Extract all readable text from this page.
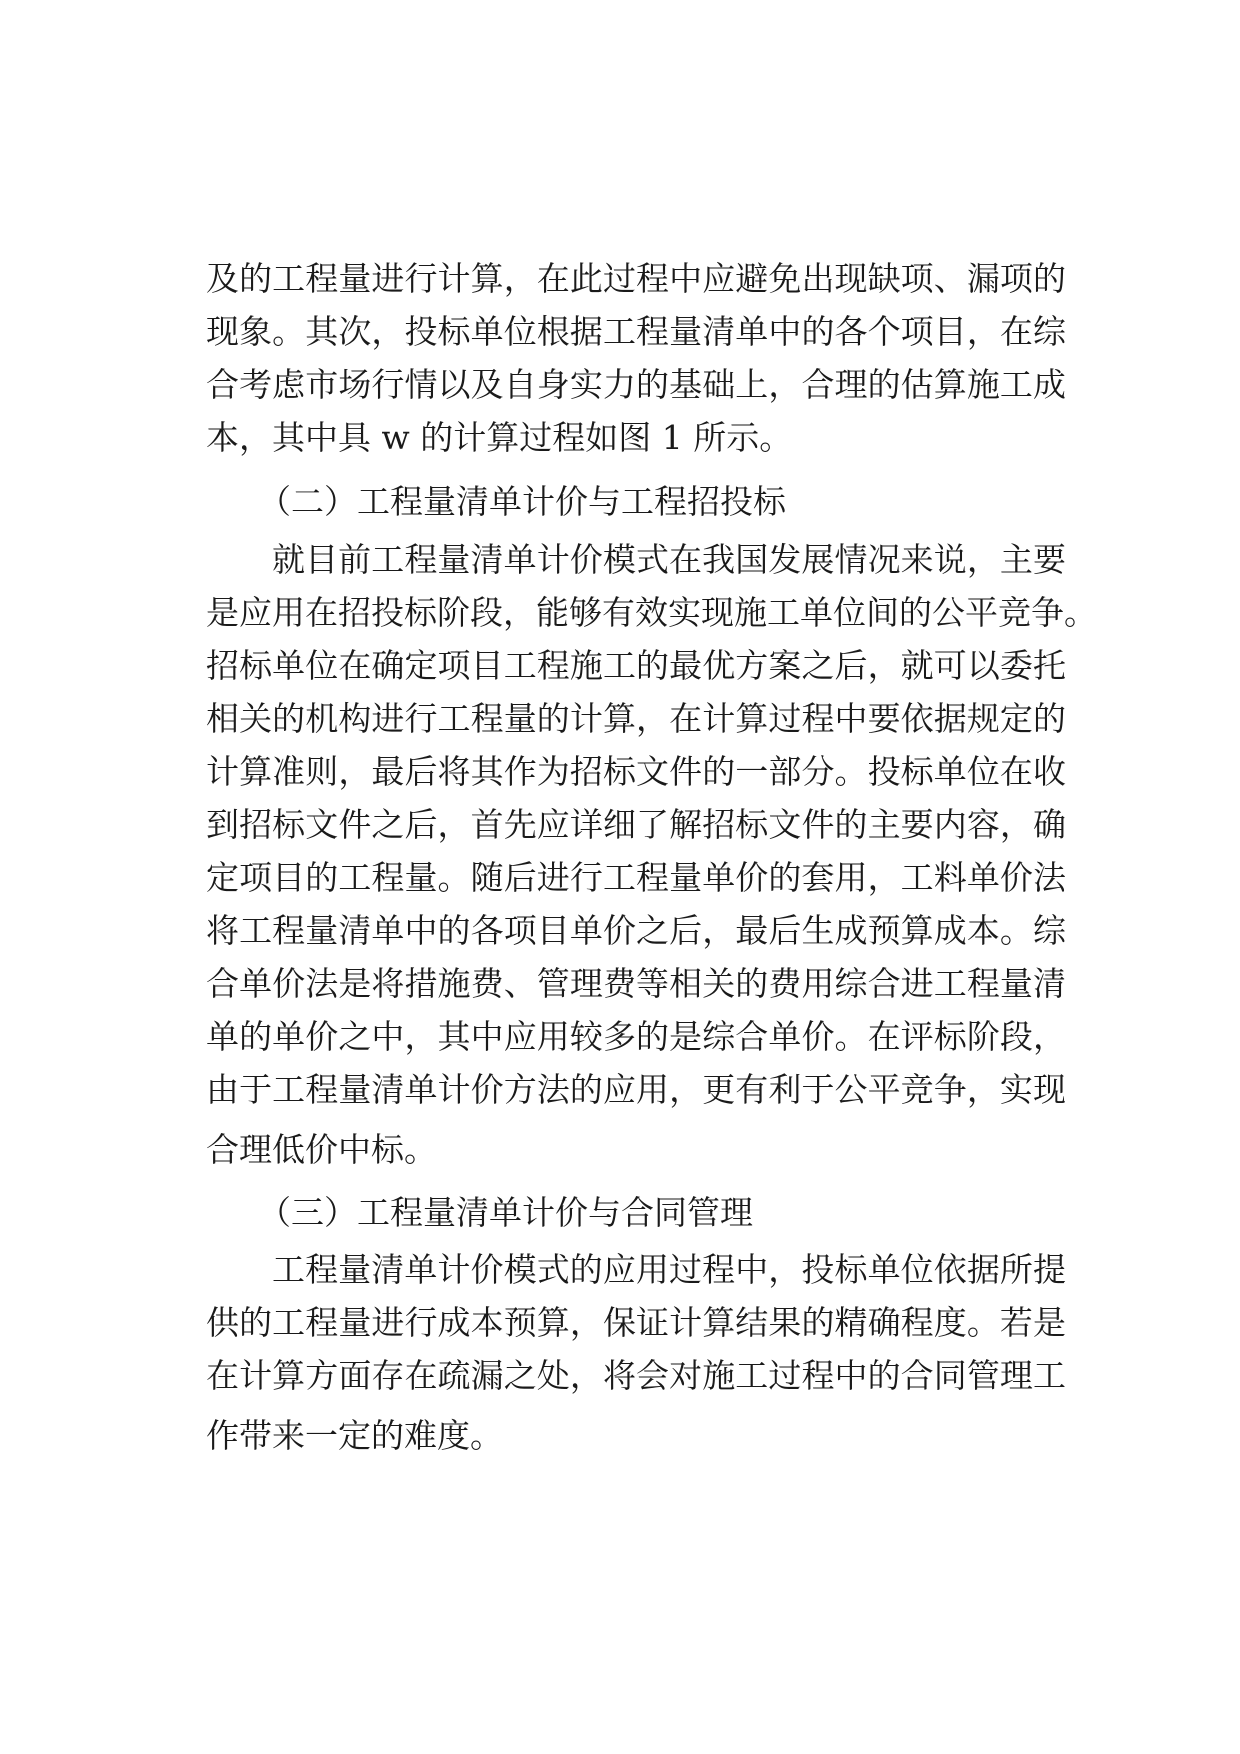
及的工程量进行计算，在此过程中应避免出现缺项、漏项的
现象。其次，投标单位根据工程量清单中的各个项目，在综
合考虑市场行情以及自身实力的基础上，合理的估算施工成
本，其中具 w 的计算过程如图 1 所示。
（二）工程量清单计价与工程招投标
就目前工程量清单计价模式在我国发展情况来说，主要
是应用在招投标阶段，能够有效实现施工单位间的公平竞争。
招标单位在确定项目工程施工的最优方案之后，就可以委托
相关的机构进行工程量的计算，在计算过程中要依据规定的
计算准则，最后将其作为招标文件的一部分。投标单位在收
到招标文件之后，首先应详细了解招标文件的主要内容，确
定项目的工程量。随后进行工程量单价的套用，工料单价法
将工程量清单中的各项目单价之后，最后生成预算成本。综
合单价法是将措施费、管理费等相关的费用综合进工程量清
单的单价之中，其中应用较多的是综合单价。在评标阶段，
由于工程量清单计价方法的应用，更有利于公平竞争，实现
合理低价中标。
（三）工程量清单计价与合同管理
工程量清单计价模式的应用过程中，投标单位依据所提
供的工程量进行成本预算，保证计算结果的精确程度。若是
在计算方面存在疏漏之处，将会对施工过程中的合同管理工
作带来一定的难度。
